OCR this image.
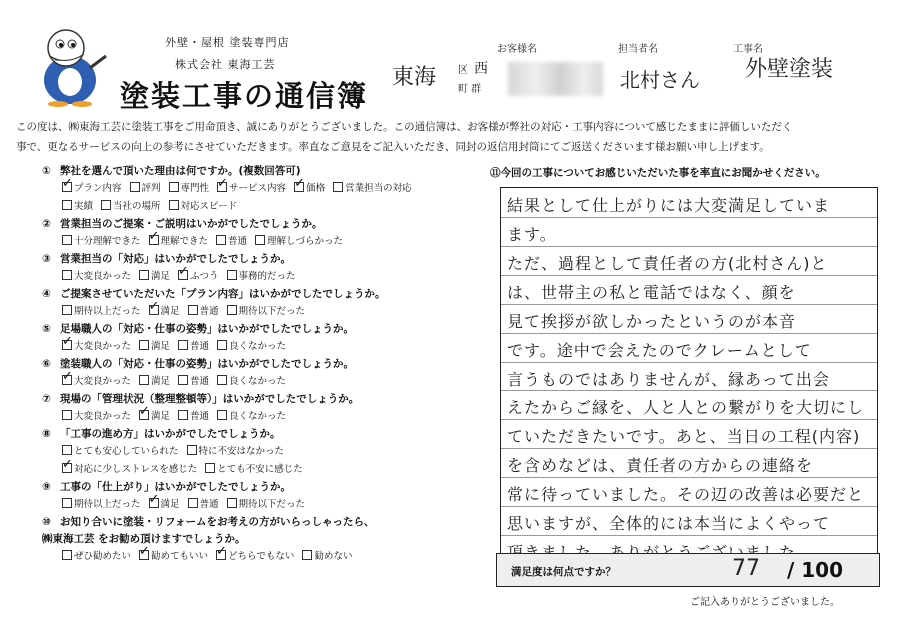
外壁・屋根 塗装専門店
株式会社 東海工芸
塗装工事の通信簿
東海 区 西
町 群
お客様名	担当者名
北村さん
工事名
外壁塗装
この度は、㈱東海工芸に塗装工事をご用命頂き、誠にありがとうございました。この通信簿は、お客様が弊社の対応・工事内容について感じたままに評価しいただく
事で、更なるサービスの向上の参考にさせていただきます。率直なご意見をご記入いただき、同封の返信用封筒にてご返送くださいます様お願い申し上げます。
① 弊社を選んで頂いた理由は何ですか。(複数回答可)
✓プラン内容 評判 専門性 ✓ サービス内容 ✓ 価格 営業担当の対応
実績 当社の場所 対応スピード
② 営業担当のご提案・ご説明はいかがでしたでしょうか。
十分理解できた ✓ 理解できた 普通 理解しづらかった
③ 営業担当の「対応」はいかがでしたでしょうか。
大変良かった 満足 ✓ ふつう 事務的だった
④ ご提案させていただいた「プラン内容」はいかがでしたでしょうか。
期待以上だった ✓ 満足 普通 期待以下だった
⑤ 足場職人の「対応・仕事の姿勢」はいかがでしたでしょうか。
✓大変良かった 満足 普通 良くなかった
⑥ 塗装職人の「対応・仕事の姿勢」はいかがでしたでしょうか。
✓大変良かった 満足 普通 良くなかった
⑦ 現場の「管理状況（整理整頓等）」はいかがでしたでしょうか。
大変良かった ✓ 満足 普通 良くなかった
⑧ 「工事の進め方」はいかがでしたでしょうか。
とても安心していられた 特に不安はなかった
✓対応に少しストレスを感じた とても不安に感じた
⑨ 工事の「仕上がり」はいかがでしたでしょうか。
期待以上だった ✓ 満足 普通 期待以下だった
⑩ お知り合いに塗装・リフォームをお考えの方がいらっしゃったら、
㈱東海工芸 をお勧め頂けますでしょうか。
ぜひ勧めたい ✓ 勧めてもいい ✓ どちらでもない 勧めない
⑪今回の工事についてお感じいただいた事を率直にお聞かせください。
結果として仕上がりには大変満足していま
ます。
ただ、過程として責任者の方(北村さん)と
は、世帯主の私と電話ではなく、顔を
見て挨拶が欲しかったというのが本音
です。途中で会えたのでクレームとして
言うものではありませんが、縁あって出会
えたからご縁を、人と人との繋がりを大切にし
ていただきたいです。あと、当日の工程(内容)
を含めなどは、責任者の方からの連絡を
常に待っていました。その辺の改善は必要だと
思いますが、全体的には本当によくやって
満足度は何点ですか？	77 / 100
ご記入ありがとうございました。
